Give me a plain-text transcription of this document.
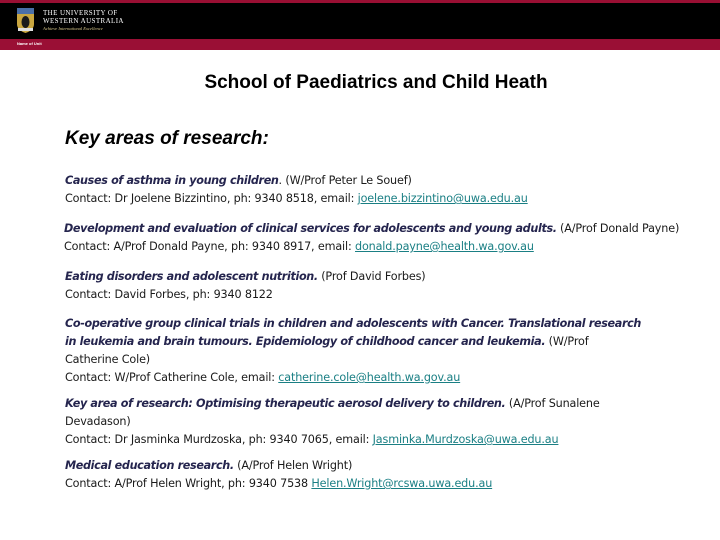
THE UNIVERSITY OF
WESTERN AUSTRALIA
Achieve International Excellence
Name of Unit
School of Paediatrics and Child Heath
Key areas of research:
Causes of asthma in young children. (W/Prof Peter Le Souef)
Contact: Dr Joelene Bizzintino, ph: 9340 8518, email: joelene.bizzintino@uwa.edu.au
Development and evaluation of clinical services for adolescents and young adults. (A/Prof Donald Payne)
Contact: A/Prof Donald Payne, ph: 9340 8917, email: donald.payne@health.wa.gov.au
Eating disorders and adolescent nutrition. (Prof David Forbes)
Contact: David Forbes, ph: 9340 8122
Co-operative group clinical trials in children and adolescents with Cancer. Translational research in leukemia and brain tumours. Epidemiology of childhood cancer and leukemia. (W/Prof Catherine Cole)
Contact: W/Prof Catherine Cole, email: catherine.cole@health.wa.gov.au
Key area of research: Optimising therapeutic aerosol delivery to children. (A/Prof Sunalene Devadason)
Contact: Dr Jasminka Murdzoska, ph: 9340 7065, email: Jasminka.Murdzoska@uwa.edu.au
Medical education research. (A/Prof Helen Wright)
Contact: A/Prof Helen Wright, ph: 9340 7538 Helen.Wright@rcswa.uwa.edu.au
